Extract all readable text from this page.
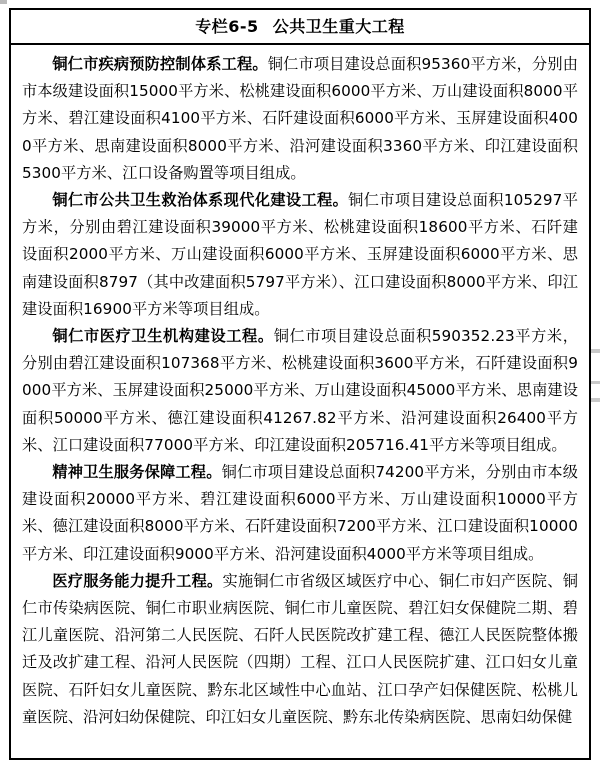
专栏6-5 公共卫生重大工程

铜仁市疾病预防控制体系工程。铜仁市项目建设总面积95360平方米，分别由市本级建设面积15000平方米、松桃建设面积6000平方米、万山建设面积8000平方米、碧江建设面积4100平方米、石阡建设面积6000平方米、玉屏建设面积4000平方米、思南建设面积8000平方米、沿河建设面积3360平方米、印江建设面积5300平方米、江口设备购置等项目组成。

铜仁市公共卫生救治体系现代化建设工程。铜仁市项目建设总面积105297平方米，分别由碧江建设面积39000平方米、松桃建设面积18600平方米、石阡建设面积2000平方米、万山建设面积6000平方米、玉屏建设面积6000平方米、思南建设面积8797（其中改建面积5797平方米）、江口建设面积8000平方米、印江建设面积16900平方米等项目组成。

铜仁市医疗卫生机构建设工程。铜仁市项目建设总面积590352.23平方米，分别由碧江建设面积107368平方米、松桃建设面积3600平方米，石阡建设面积9000平方米、玉屏建设面积25000平方米、万山建设面积45000平方米、思南建设面积50000平方米、德江建设面积41267.82平方米、沿河建设面积26400平方米、江口建设面积77000平方米、印江建设面积205716.41平方米等项目组成。

精神卫生服务保障工程。铜仁市项目建设总面积74200平方米，分别由市本级建设面积20000平方米、碧江建设面积6000平方米、万山建设面积10000平方米、德江建设面积8000平方米、石阡建设面积7200平方米、江口建设面积10000平方米、印江建设面积9000平方米、沿河建设面积4000平方米等项目组成。

医疗服务能力提升工程。实施铜仁市省级区域医疗中心、铜仁市妇产医院、铜仁市传染病医院、铜仁市职业病医院、铜仁市儿童医院、碧江妇女保健院二期、碧江儿童医院、沿河第二人民医院、石阡人民医院改扩建工程、德江人民医院整体搬迁及改扩建工程、沿河人民医院（四期）工程、江口人民医院扩建、江口妇女儿童医院、石阡妇女儿童医院、黔东北区域性中心血站、江口孕产妇保健医院、松桃儿童医院、沿河妇幼保健院、印江妇女儿童医院、黔东北传染病医院、思南妇幼保健
